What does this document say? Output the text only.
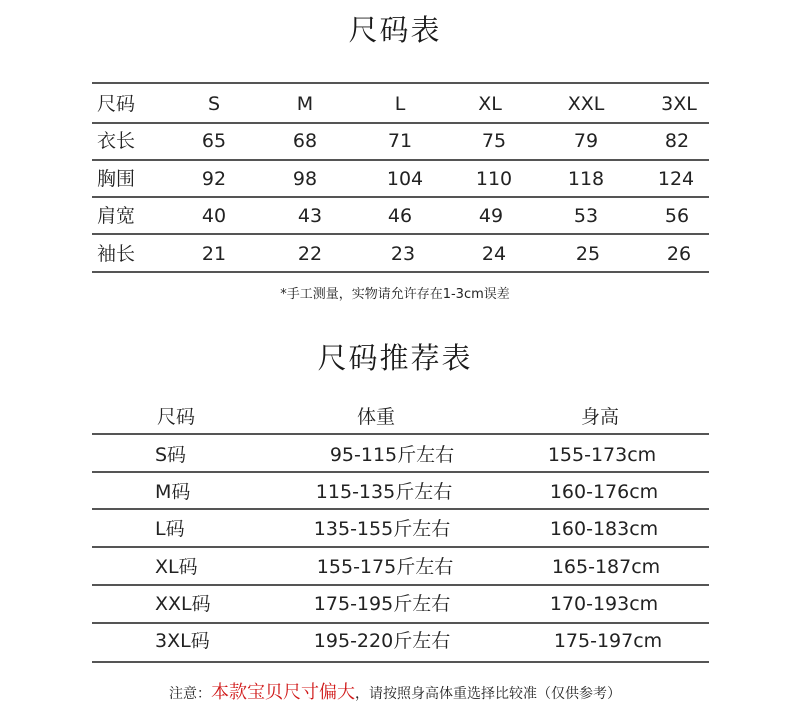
尺码表
尺码	S	M	L	XL	XXL	3XL
衣长	65	68	71	75	79	82
胸围	92	98	104	110	118	124
肩宽	40	43	46	49	53	56
袖长	21	22	23	24	25	26
*手工测量，实物请允许存在1-3cm误差
尺码推荐表
尺码	体重	身高
S码	95-115斤左右	155-173cm
M码	115-135斤左右	160-176cm
L码	135-155斤左右	160-183cm
XL码	155-175斤左右	165-187cm
XXL码	175-195斤左右	170-193cm
3XL码	195-220斤左右	175-197cm
注意：本款宝贝尺寸偏大，请按照身高体重选择比较准（仅供参考）
